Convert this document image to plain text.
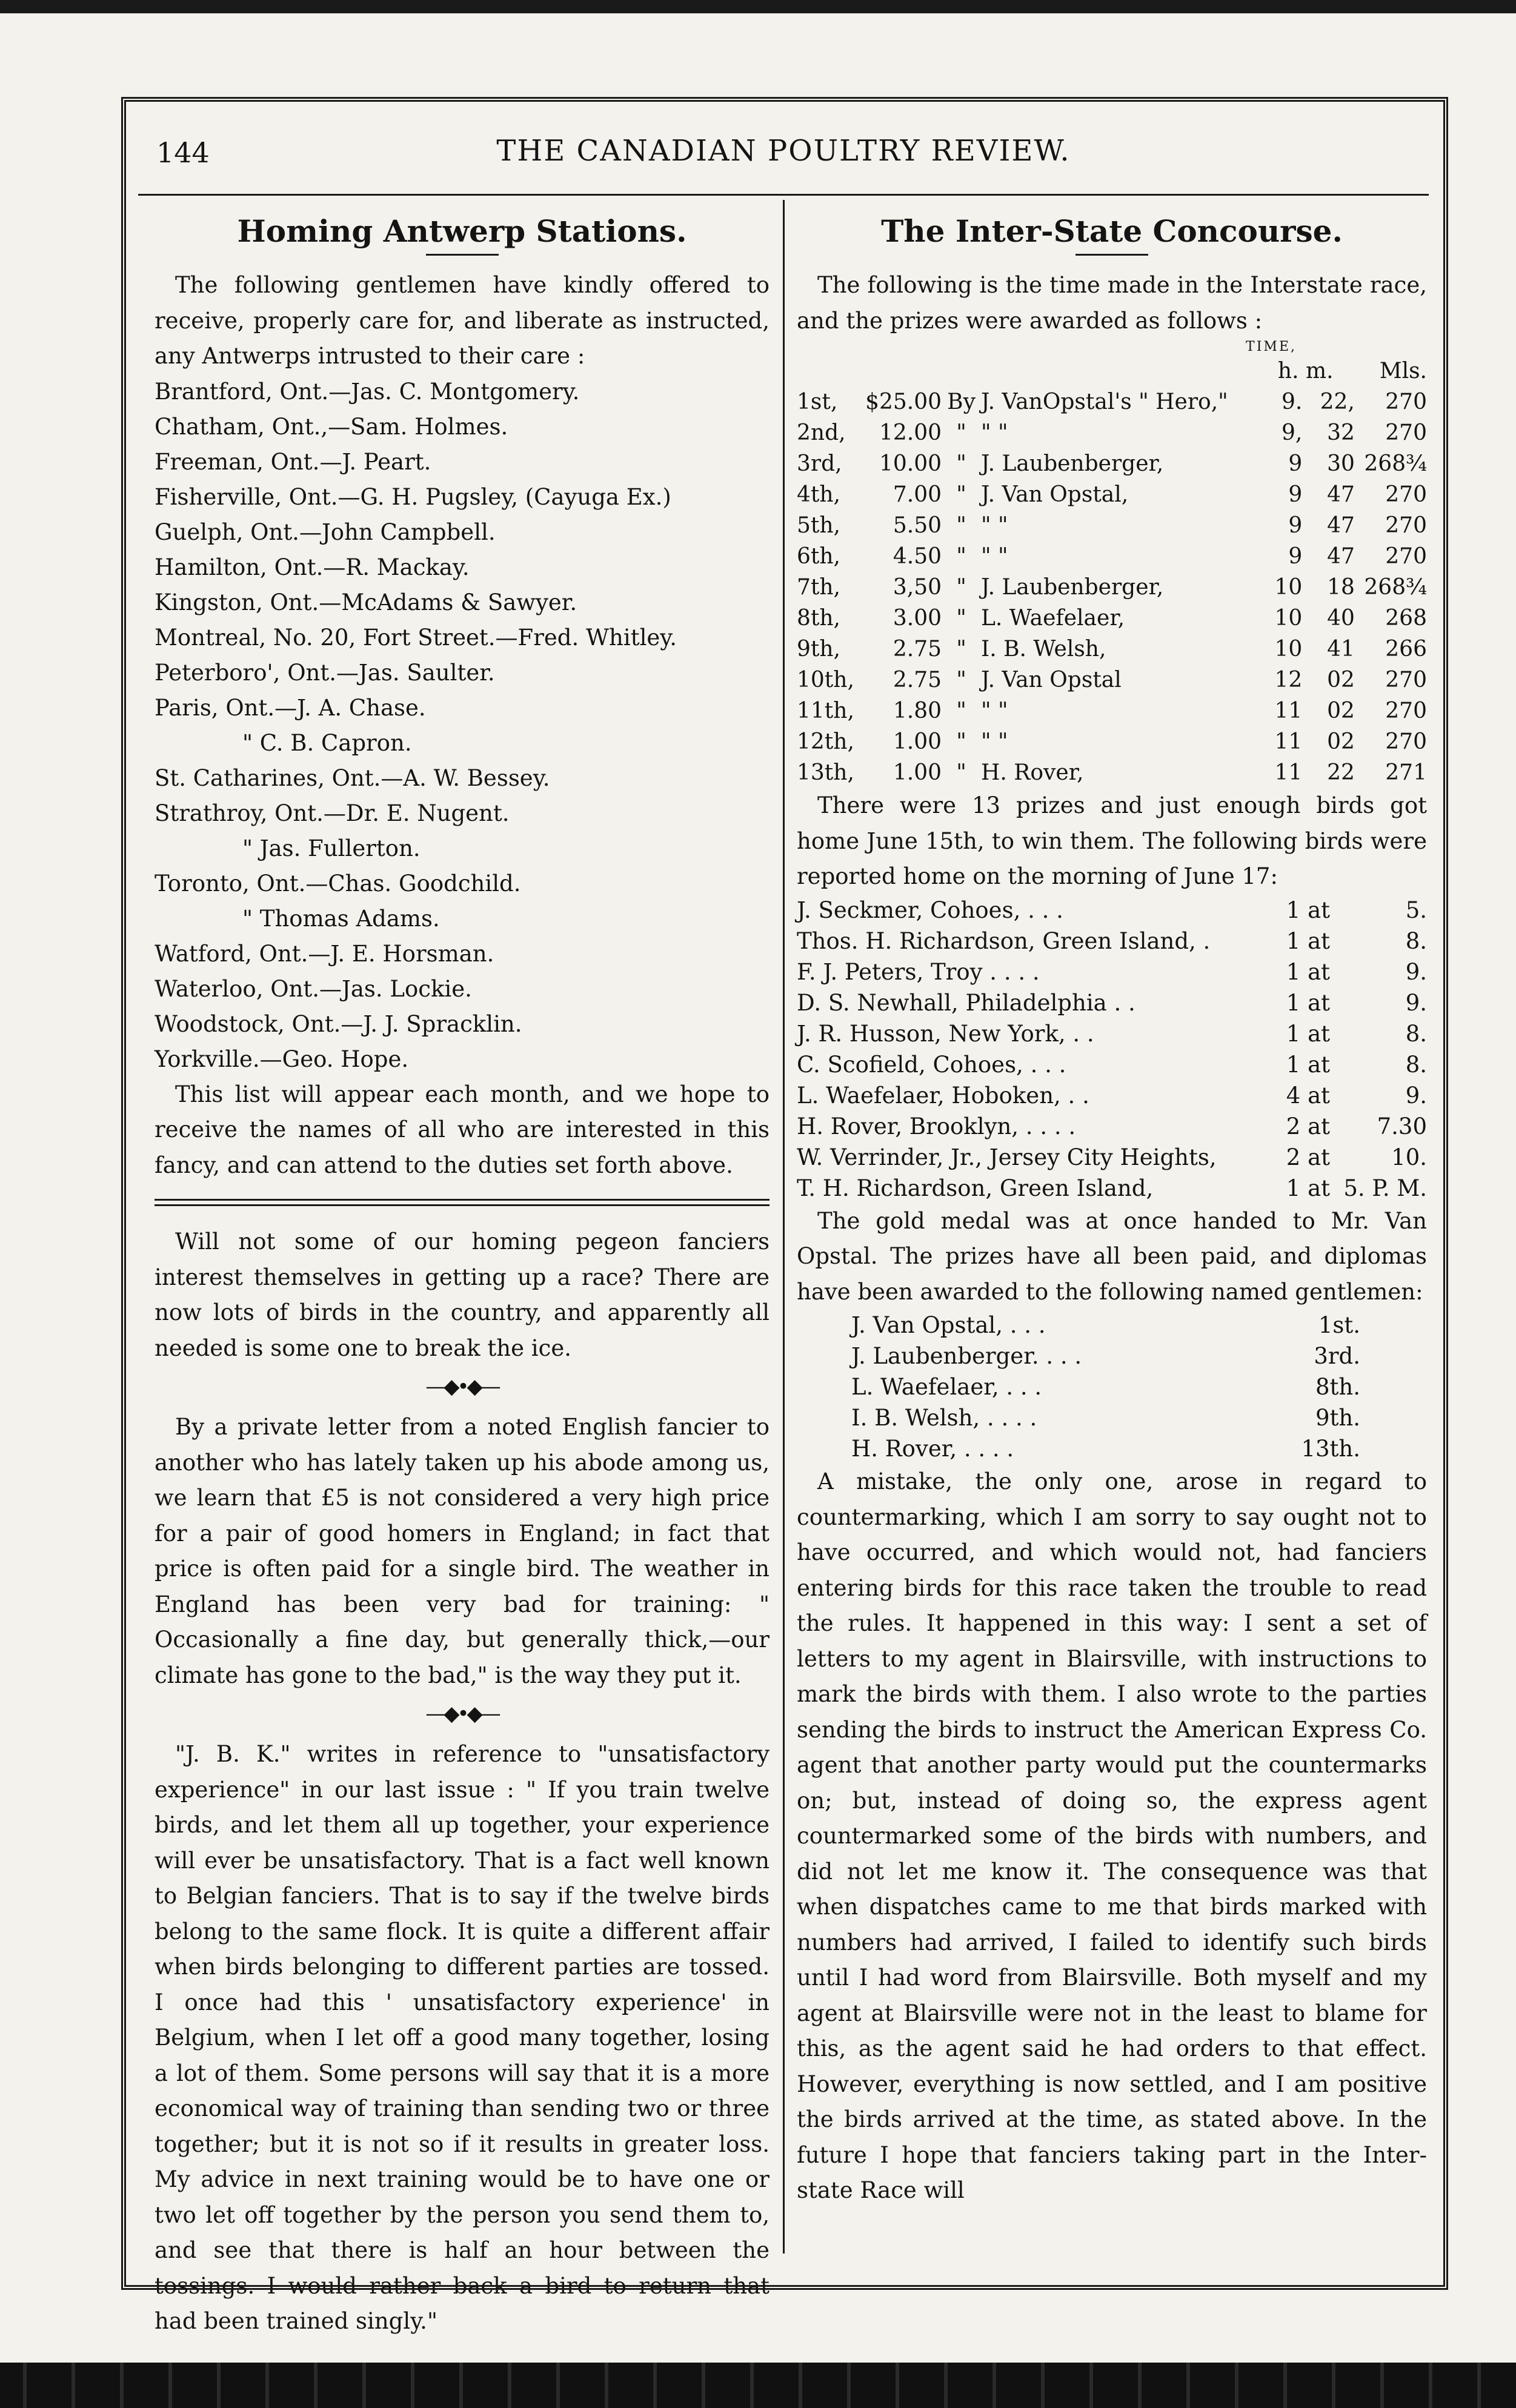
144	THE CANADIAN POULTRY REVIEW.
Homing Antwerp Stations.

The following gentlemen have kindly offered to receive, properly care for, and liberate as instructed, any Antwerps intrusted to their care :

Brantford, Ont.—Jas. C. Montgomery.
Chatham, Ont.,—Sam. Holmes.
Freeman, Ont.—J. Peart.
Fisherville, Ont.—G. H. Pugsley, (Cayuga Ex.)
Guelph, Ont.—John Campbell.
Hamilton, Ont.—R. Mackay.
Kingston, Ont.—McAdams & Sawyer.
Montreal, No. 20, Fort Street.—Fred. Whitley.
Peterboro', Ont.—Jas. Saulter.
Paris, Ont.—J. A. Chase.
" C. B. Capron.
St. Catharines, Ont.—A. W. Bessey.
Strathroy, Ont.—Dr. E. Nugent.
" Jas. Fullerton.
Toronto, Ont.—Chas. Goodchild.
" Thomas Adams.
Watford, Ont.—J. E. Horsman.
Waterloo, Ont.—Jas. Lockie.
Woodstock, Ont.—J. J. Spracklin.
Yorkville.—Geo. Hope.

This list will appear each month, and we hope to receive the names of all who are interested in this fancy, and can attend to the duties set forth above.

Will not some of our homing pegeon fanciers interest themselves in getting up a race? There are now lots of birds in the country, and apparently all needed is some one to break the ice.

—◆•◆—

By a private letter from a noted English fancier to another who has lately taken up his abode among us, we learn that £5 is not considered a very high price for a pair of good homers in England; in fact that price is often paid for a single bird. The weather in England has been very bad for training: " Occasionally a fine day, but generally thick,—our climate has gone to the bad," is the way they put it.

—◆•◆—

"J. B. K." writes in reference to "unsatisfactory experience" in our last issue : " If you train twelve birds, and let them all up together, your experience will ever be unsatisfactory. That is a fact well known to Belgian fanciers. That is to say if the twelve birds belong to the same flock. It is quite a different affair when birds belonging to different parties are tossed. I once had this ' unsatisfactory experience' in Belgium, when I let off a good many together, losing a lot of them. Some persons will say that it is a more economical way of training than sending two or three together; but it is not so if it results in greater loss. My advice in next training would be to have one or two let off together by the person you send them to, and see that there is half an hour between the tossings. I would rather back a bird to return that had been trained singly."

The Inter-State Concourse.

The following is the time made in the Interstate race, and the prizes were awarded as follows :

TIME,
				h. m.		Mls.
1st,	$25.00	By	J. VanOpstal's " Hero,"	9.	22,	270
2nd,	12.00	"	" "	9,	32	270
3rd,	10.00	"	J. Laubenberger,	9	30	268¾
4th,	7.00	"	J. Van Opstal,	9	47	270
5th,	5.50	"	" "	9	47	270
6th,	4.50	"	" "	9	47	270
7th,	3,50	"	J. Laubenberger,	10	18	268¾
8th,	3.00	"	L. Waefelaer,	10	40	268
9th,	2.75	"	I. B. Welsh,	10	41	266
10th,	2.75	"	J. Van Opstal	12	02	270
11th,	1.80	"	" "	11	02	270
12th,	1.00	"	" "	11	02	270
13th,	1.00	"	H. Rover,	11	22	271

There were 13 prizes and just enough birds got home June 15th, to win them. The following birds were reported home on the morning of June 17:

J. Seckmer, Cohoes, . . .	1 at	5.
Thos. H. Richardson, Green Island, .	1 at	8.
F. J. Peters, Troy . . . .	1 at	9.
D. S. Newhall, Philadelphia . .	1 at	9.
J. R. Husson, New York, . .	1 at	8.
C. Scofield, Cohoes, . . .	1 at	8.
L. Waefelaer, Hoboken, . .	4 at	9.
H. Rover, Brooklyn, . . . .	2 at	7.30
W. Verrinder, Jr., Jersey City Heights,	2 at	10.
T. H. Richardson, Green Island,	1 at	5. P. M.

The gold medal was at once handed to Mr. Van Opstal. The prizes have all been paid, and diplomas have been awarded to the following named gentlemen:

J. Van Opstal, . . .	1st.
J. Laubenberger. . . .	3rd.
L. Waefelaer, . . .	8th.
I. B. Welsh, . . . .	9th.
H. Rover, . . . .	13th.

A mistake, the only one, arose in regard to countermarking, which I am sorry to say ought not to have occurred, and which would not, had fanciers entering birds for this race taken the trouble to read the rules. It happened in this way: I sent a set of letters to my agent in Blairsville, with instructions to mark the birds with them. I also wrote to the parties sending the birds to instruct the American Express Co. agent that another party would put the countermarks on; but, instead of doing so, the express agent countermarked some of the birds with numbers, and did not let me know it. The consequence was that when dispatches came to me that birds marked with numbers had arrived, I failed to identify such birds until I had word from Blairsville. Both myself and my agent at Blairsville were not in the least to blame for this, as the agent said he had orders to that effect. However, everything is now settled, and I am positive the birds arrived at the time, as stated above. In the future I hope that fanciers taking part in the Inter-state Race will
